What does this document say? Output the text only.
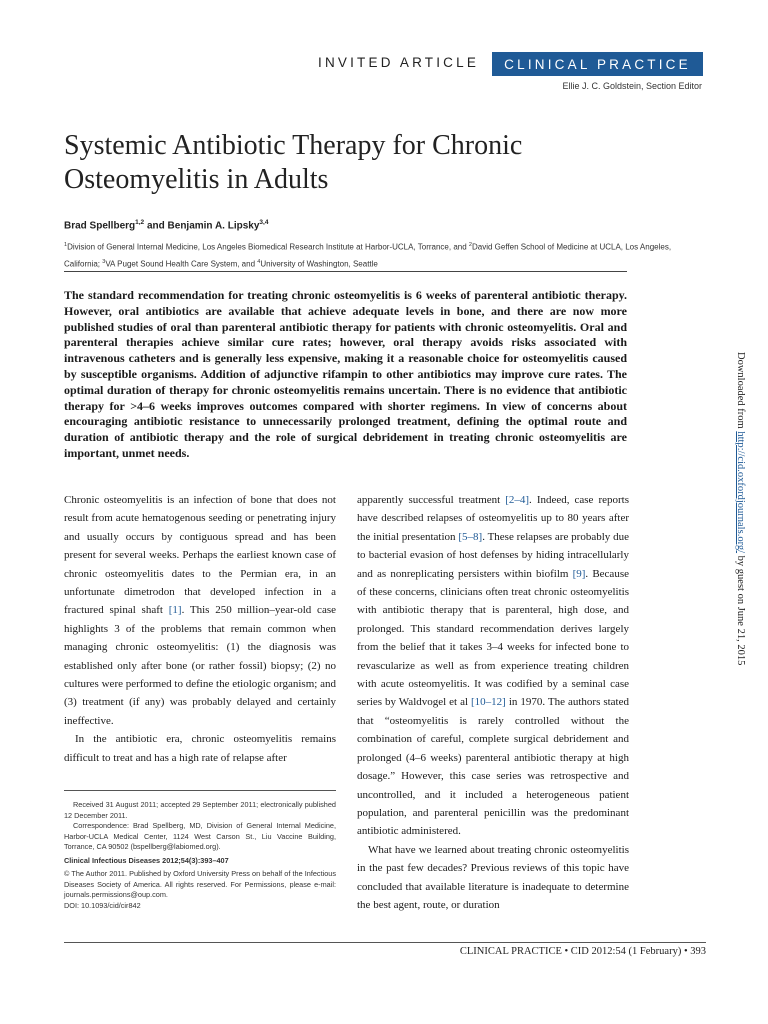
INVITED ARTICLE CLINICAL PRACTICE
Ellie J. C. Goldstein, Section Editor
Systemic Antibiotic Therapy for Chronic Osteomyelitis in Adults
Brad Spellberg$^{1,2}$ and Benjamin A. Lipsky$^{3,4}$
$^1$Division of General Internal Medicine, Los Angeles Biomedical Research Institute at Harbor-UCLA, Torrance, and $^2$David Geffen School of Medicine at UCLA, Los Angeles, California; $^3$VA Puget Sound Health Care System, and $^4$University of Washington, Seattle

The standard recommendation for treating chronic osteomyelitis is 6 weeks of parenteral antibiotic therapy. However, oral antibiotics are available that achieve adequate levels in bone, and there are now more published studies of oral than parenteral antibiotic therapy for patients with chronic osteomyelitis. Oral and parenteral therapies achieve similar cure rates; however, oral therapy avoids risks associated with intravenous catheters and is generally less expensive, making it a reasonable choice for osteomyelitis caused by susceptible organisms. Addition of adjunctive rifampin to other antibiotics may improve cure rates. The optimal duration of therapy for chronic osteomyelitis remains uncertain. There is no evidence that antibiotic therapy for >4–6 weeks improves outcomes compared with shorter regimens. In view of concerns about encouraging antibiotic resistance to unnecessarily prolonged treatment, defining the optimal route and duration of antibiotic therapy and the role of surgical debridement in treating chronic osteomyelitis are important, unmet needs.

Chronic osteomyelitis is an infection of bone that does not result from acute hematogenous seeding or penetrating injury and usually occurs by contiguous spread and has been present for several weeks. Perhaps the earliest known case of chronic osteomyelitis dates to the Permian era, in an unfortunate dimetrodon that developed infection in a fractured spinal shaft [1]. This 250 million–year-old case highlights 3 of the problems that remain common when managing chronic osteomyelitis: (1) the diagnosis was established only after bone (or rather fossil) biopsy; (2) no cultures were performed to define the etiologic organism; and (3) treatment (if any) was probably delayed and certainly ineffective.

In the antibiotic era, chronic osteomyelitis remains difficult to treat and has a high rate of relapse after

apparently successful treatment [2–4]. Indeed, case reports have described relapses of osteomyelitis up to 80 years after the initial presentation [5–8]. These relapses are probably due to bacterial evasion of host defenses by hiding intracellularly and as nonreplicating persisters within biofilm [9]. Because of these concerns, clinicians often treat chronic osteomyelitis with antibiotic therapy that is parenteral, high dose, and prolonged. This standard recommendation derives largely from the belief that it takes 3–4 weeks for infected bone to revascularize as well as from experience treating children with acute osteomyelitis. It was codified by a seminal case series by Waldvogel et al [10–12] in 1970. The authors stated that “osteomyelitis is rarely controlled without the combination of careful, complete surgical debridement and prolonged (4–6 weeks) parenteral antibiotic therapy at high dosage.” However, this case series was retrospective and uncontrolled, and it included a heterogeneous patient population, and parenteral penicillin was the predominant antibiotic administered.

What have we learned about treating chronic osteomyelitis in the past few decades? Previous reviews of this topic have concluded that available literature is inadequate to determine the best agent, route, or duration

Received 31 August 2011; accepted 29 September 2011; electronically published 12 December 2011.

Correspondence: Brad Spellberg, MD, Division of General Internal Medicine, Harbor-UCLA Medical Center, 1124 West Carson St., Liu Vaccine Building, Torrance, CA 90502 (bspellberg@labiomed.org).

Clinical Infectious Diseases 2012;54(3):393–407

© The Author 2011. Published by Oxford University Press on behalf of the Infectious Diseases Society of America. All rights reserved. For Permissions, please e-mail: journals.permissions@oup.com.

DOI: 10.1093/cid/cir842

Downloaded from http://cid.oxfordjournals.org/ by guest on June 21, 2015
CLINICAL PRACTICE • CID 2012:54 (1 February) • 393
